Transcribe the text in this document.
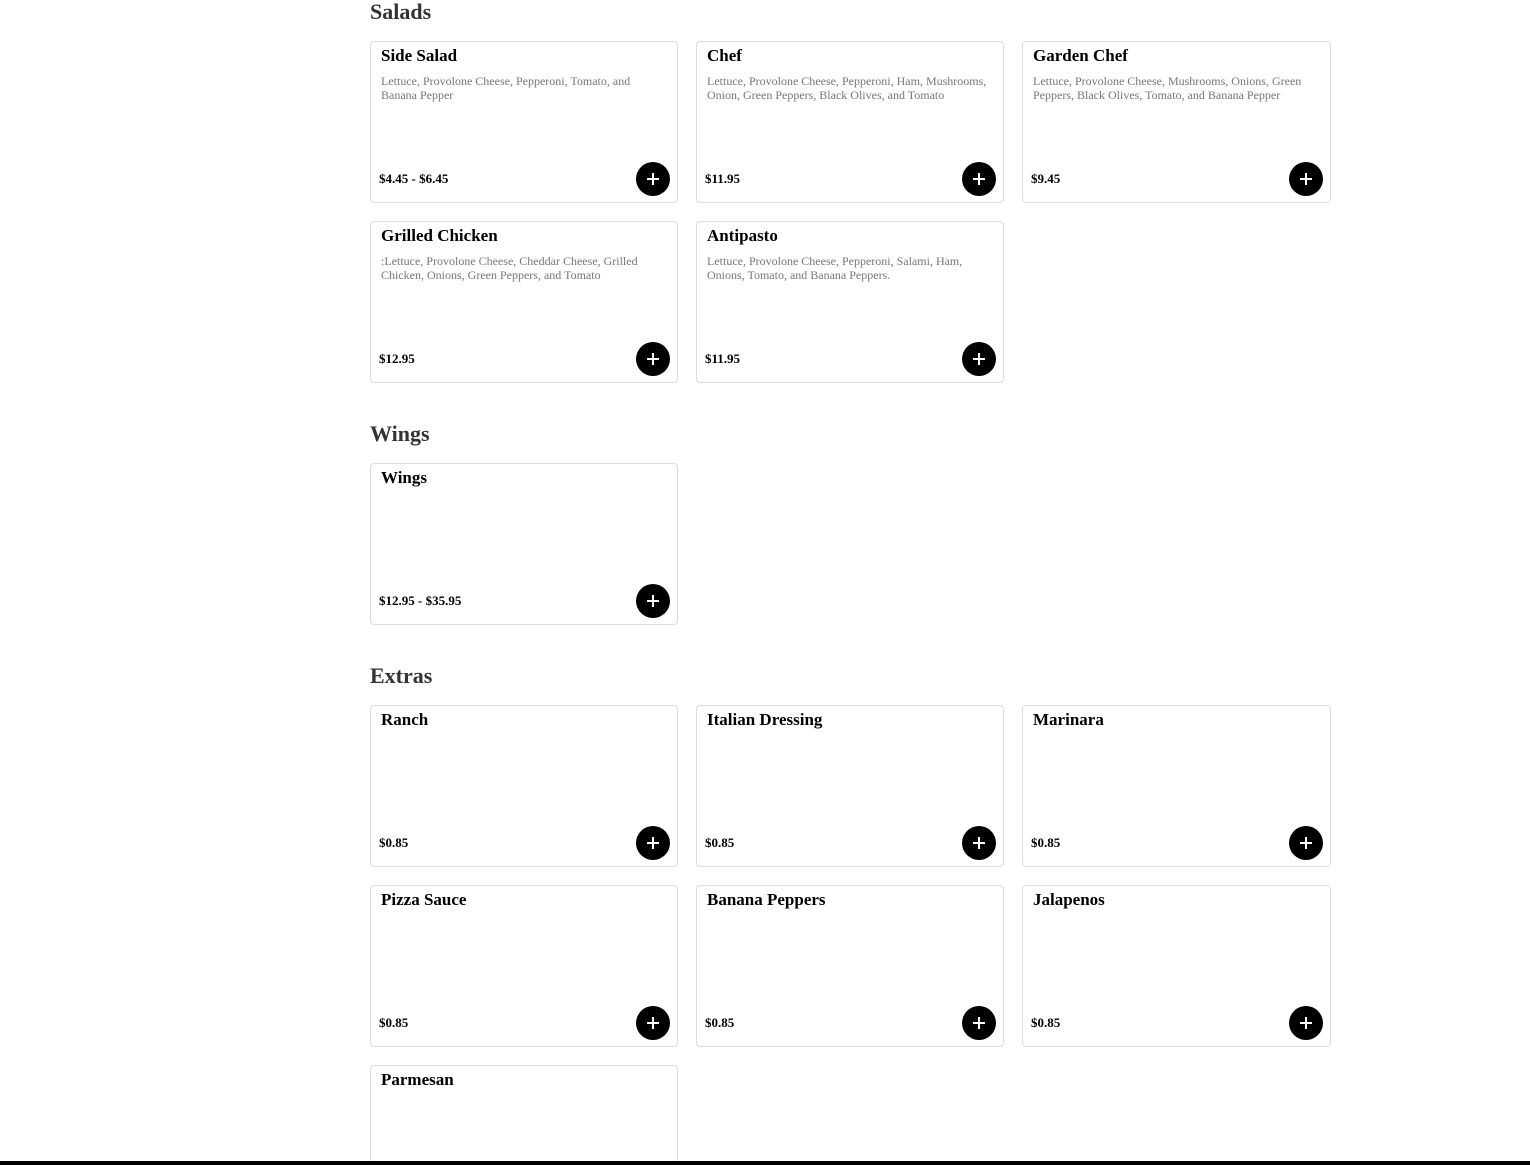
Salads
Side Salad
Lettuce, Provolone Cheese, Pepperoni, Tomato, and Banana Pepper
$4.45 - $6.45
Chef
Lettuce, Provolone Cheese, Pepperoni, Ham, Mushrooms, Onion, Green Peppers, Black Olives, and Tomato
$11.95
Garden Chef
Lettuce, Provolone Cheese, Mushrooms, Onions, Green Peppers, Black Olives, Tomato, and Banana Pepper
$9.45
Grilled Chicken
:Lettuce, Provolone Cheese, Cheddar Cheese, Grilled Chicken, Onions, Green Peppers, and Tomato
$12.95
Antipasto
Lettuce, Provolone Cheese, Pepperoni, Salami, Ham, Onions, Tomato, and Banana Peppers.
$11.95
Wings
Wings
$12.95 - $35.95
Extras
Ranch
$0.85
Italian Dressing
$0.85
Marinara
$0.85
Pizza Sauce
$0.85
Banana Peppers
$0.85
Jalapenos
$0.85
Parmesan
